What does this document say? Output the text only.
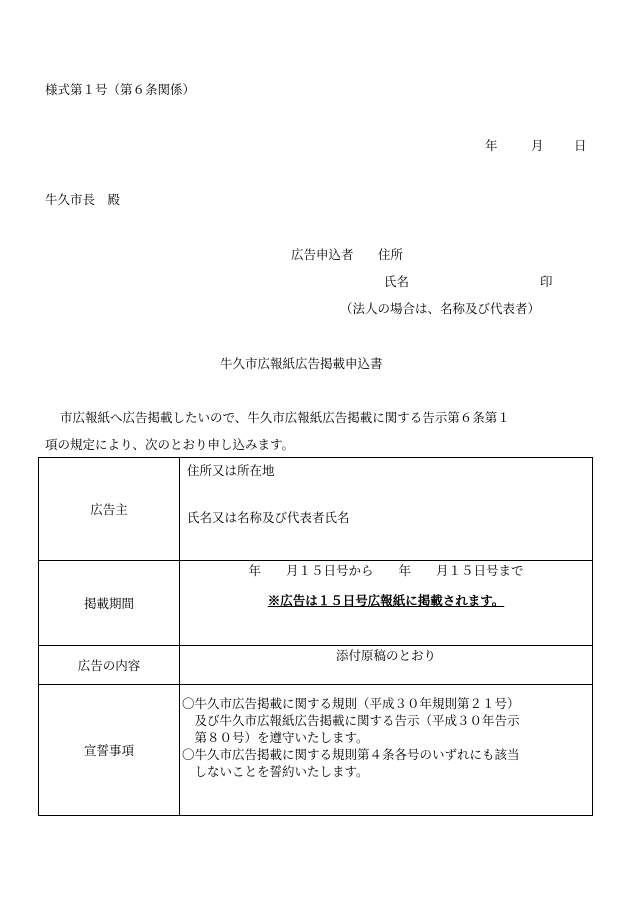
様式第１号（第６条関係）
年	月 日
牛久市長　殿
広告申込者 住所
氏名	印
（法人の場合は、名称及び代表者）
牛久市広報紙広告掲載申込書
市広報紙へ広告掲載したいので、牛久市広報紙広告掲載に関する告示第６条第１
項の規定により、次のとおり申し込みます。
広告主	住所又は所在地
氏名又は名称及び代表者氏名

掲載期間	年　　月１５日号から　　年　　月１５日号まで
※広告は１５日号広報紙に掲載されます。

広告の内容	添付原稿のとおり
宣誓事項	〇牛久市広告掲載に関する規則（平成３０年規則第２１号）
　及び牛久市広報紙広告掲載に関する告示（平成３０年告示
　第８０号）を遵守いたします。
〇牛久市広告掲載に関する規則第４条各号のいずれにも該当
　しないことを誓約いたします。
